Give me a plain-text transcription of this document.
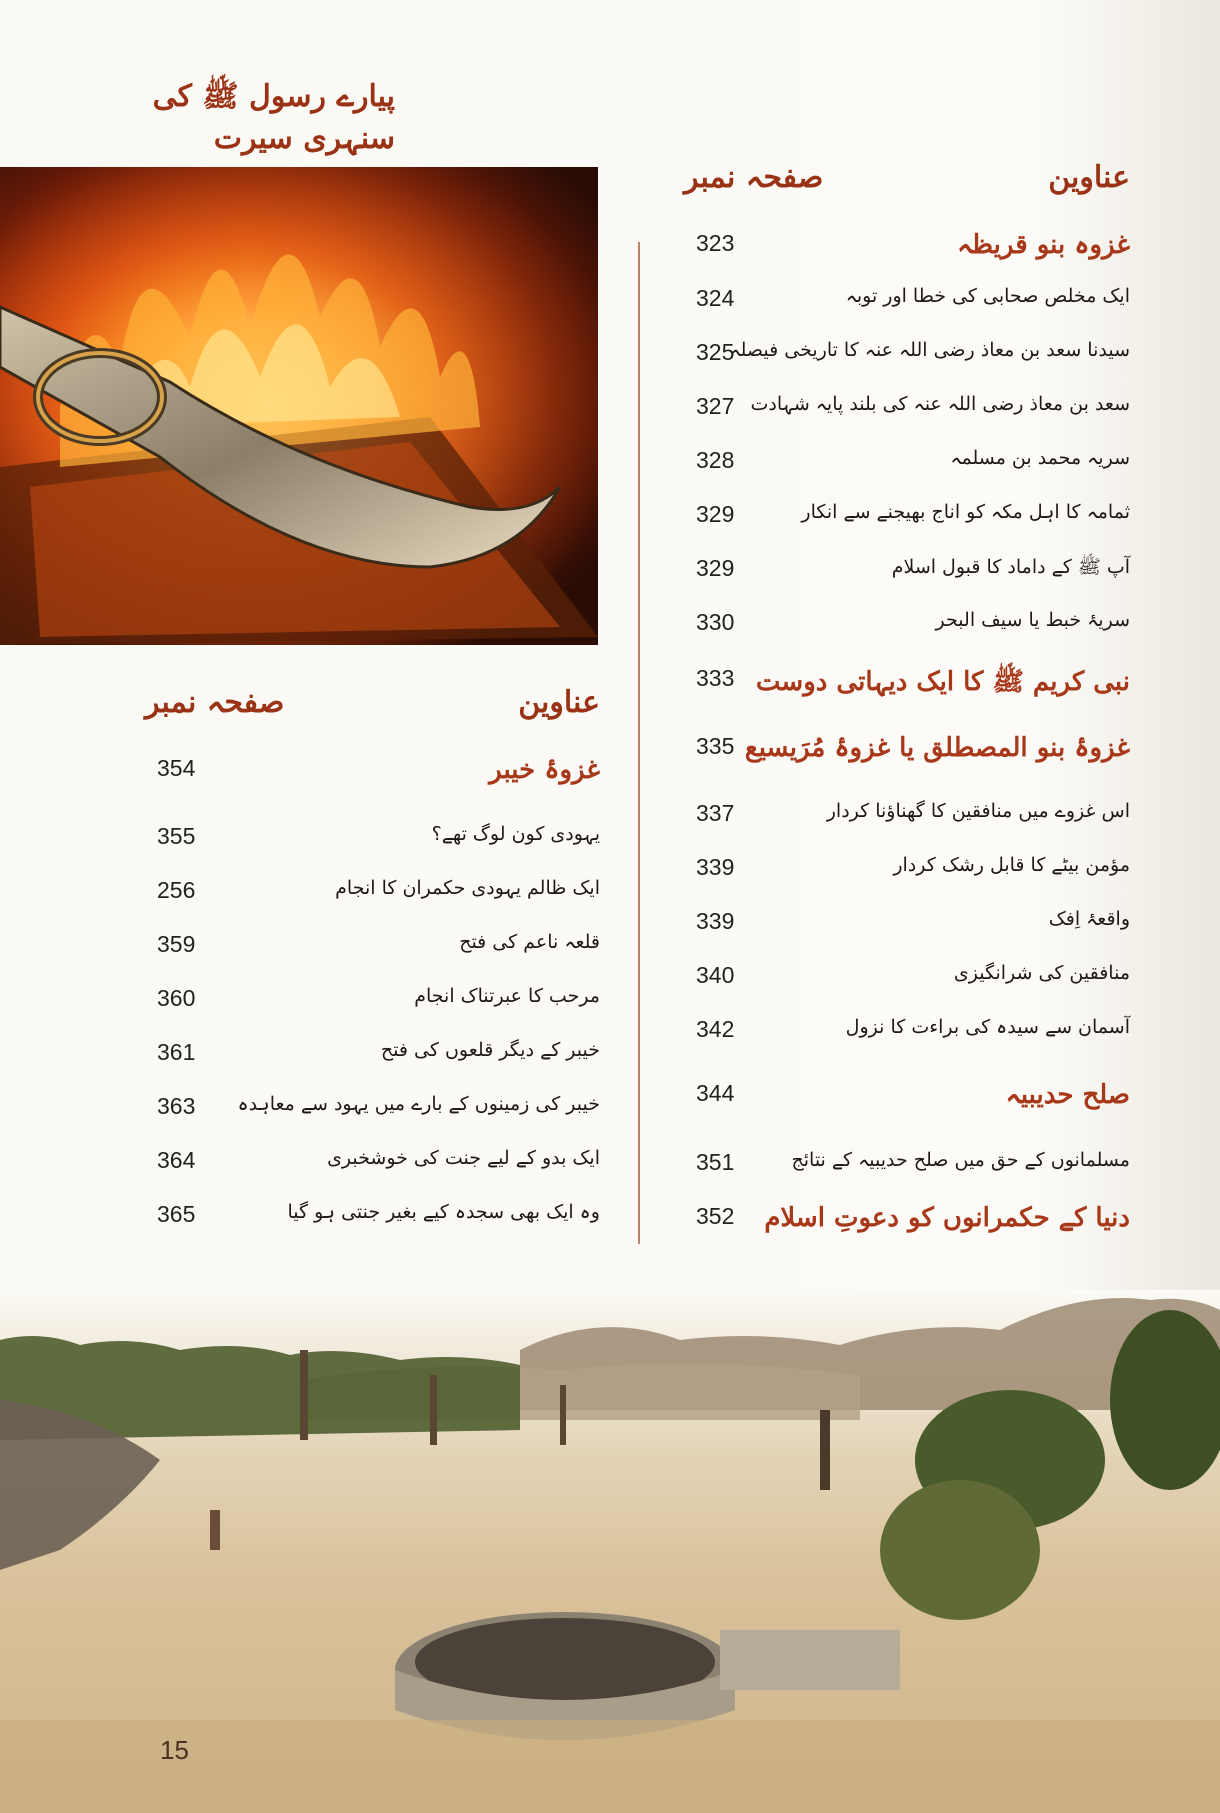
پیارے رسول ﷺ کی سنہری سیرت
عناوین
صفحہ نمبر
غزوہ بنو قریظہ
323
ایک مخلص صحابی کی خطا اور توبہ
324
سیدنا سعد بن معاذ رضی اللہ عنہ کا تاریخی فیصلہ
325
سعد بن معاذ رضی اللہ عنہ کی بلند پایہ شہادت
327
سریہ محمد بن مسلمہ
328
ثمامہ کا اہل مکہ کو اناج بھیجنے سے انکار
329
آپ ﷺ کے داماد کا قبول اسلام
329
سریۂ خبط یا سیف البحر
330
نبی کریم ﷺ کا ایک دیہاتی دوست
333
غزوۂ بنو المصطلق یا غزوۂ مُرَیسیع
335
اس غزوے میں منافقین کا گھناؤنا کردار
337
مؤمن بیٹے کا قابل رشک کردار
339
واقعۂ اِفک
339
منافقین کی شرانگیزی
340
آسمان سے سیدہ کی براءت کا نزول
342
صلح حدیبیہ
344
مسلمانوں کے حق میں صلح حدیبیہ کے نتائج
351
دنیا کے حکمرانوں کو دعوتِ اسلام
352
عناوین
صفحہ نمبر
غزوۂ خیبر
354
یہودی کون لوگ تھے؟
355
ایک ظالم یہودی حکمران کا انجام
256
قلعہ ناعم کی فتح
359
مرحب کا عبرتناک انجام
360
خیبر کے دیگر قلعوں کی فتح
361
خیبر کی زمینوں کے بارے میں یہود سے معاہدہ
363
ایک بدو کے لیے جنت کی خوشخبری
364
وہ ایک بھی سجدہ کیے بغیر جنتی ہو گیا
365
15
